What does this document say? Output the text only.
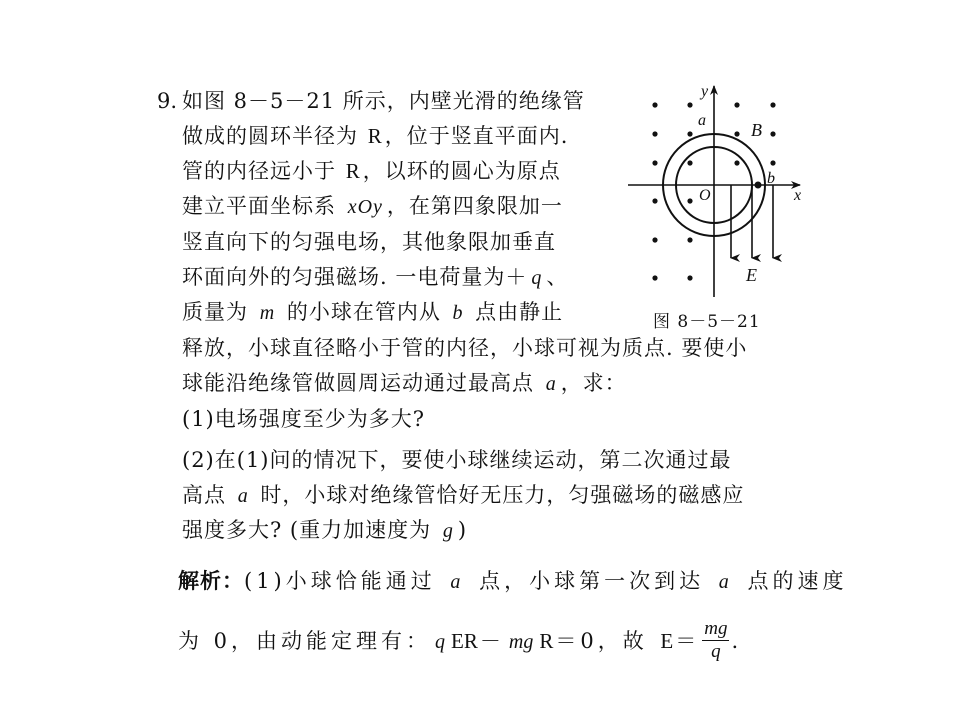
9. 如图 8－5－21 所示，内壁光滑的绝缘管
做成的圆环半径为 R，位于竖直平面内.
管的内径远小于 R，以环的圆心为原点
建立平面坐标系 xOy ，在第四象限加一
竖直向下的匀强电场，其他象限加垂直
环面向外的匀强磁场. 一电荷量为＋ q 、
质量为 m 的小球在管内从 b 点由静止
释放，小球直径略小于管的内径，小球可视为质点. 要使小
球能沿绝缘管做圆周运动通过最高点 a ，求：
(1)电场强度至少为多大?
(2)在(1)问的情况下，要使小球继续运动，第二次通过最
高点 a 时，小球对绝缘管恰好无压力，匀强磁场的磁感应
强度多大? (重力加速度为 g )
y
x
O
a
b
B
E
图 8－5－21
解析：(1)小球恰能通过 a 点，小球第一次到达 a 点的速度
为 0，由动能定理有： q ER－ mg R＝0，故 $E= \frac{mg}{q}$ .
